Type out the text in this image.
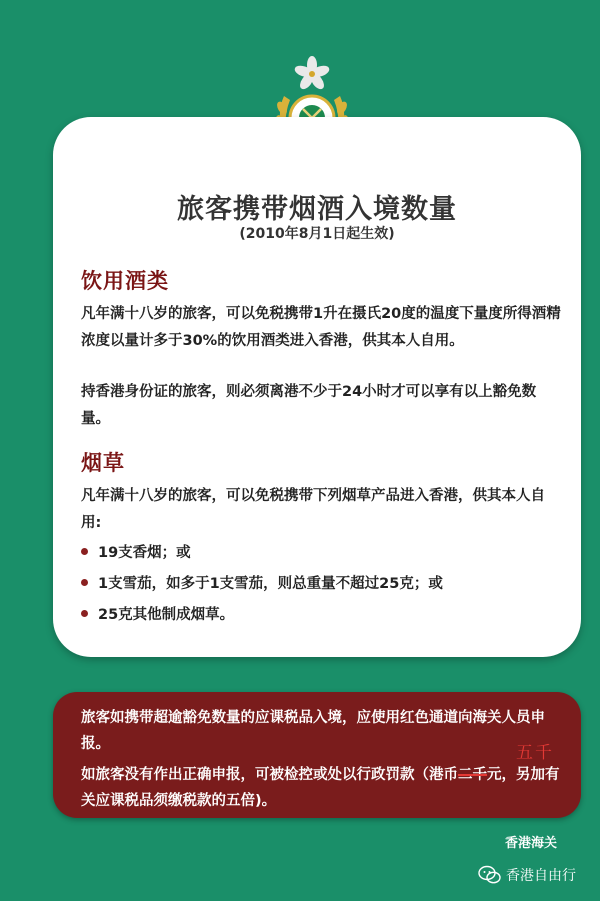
旅客携带烟酒入境数量
(2010年8月1日起生效)
饮用酒类
凡年满十八岁的旅客，可以免税携带1升在摄氏20度的温度下量度所得酒精浓度以量计多于30%的饮用酒类进入香港，供其本人自用。
持香港身份证的旅客，则必须离港不少于24小时才可以享有以上豁免数量。
烟草
凡年满十八岁的旅客，可以免税携带下列烟草产品进入香港，供其本人自用:
19支香烟；或
1支雪茄，如多于1支雪茄，则总重量不超过25克；或
25克其他制成烟草。
旅客如携带超逾豁免数量的应课税品入境，应使用红色通道向海关人员申报。
如旅客没有作出正确申报，可被检控或处以行政罚款（港币二千元，另加有关应课税品须缴税款的五倍)。
五千
香港海关
香港自由行
